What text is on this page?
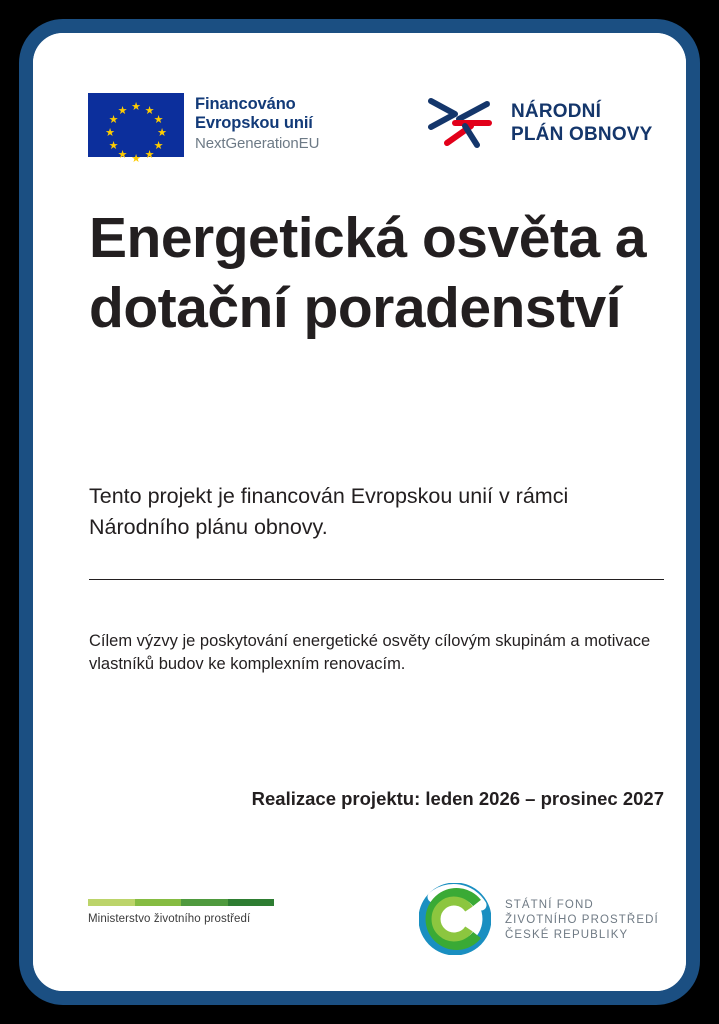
★ ★
★
★
★
★
★
★
★
★
★
★	Financováno
Evropskou unií
NextGenerationEU
NÁRODNÍ
PLÁN OBNOVY
Energetická osvěta a dotační poradenství
Tento projekt je financován Evropskou unií v rámci Národního plánu obnovy.
Cílem výzvy je poskytování energetické osvěty cílovým skupinám a motivace vlastníků budov ke komplexním renovacím.
Realizace projektu: leden 2026 – prosinec 2027
Ministerstvo životního prostředí
STÁTNÍ FOND
ŽIVOTNÍHO PROSTŘEDÍ
ČESKÉ REPUBLIKY
